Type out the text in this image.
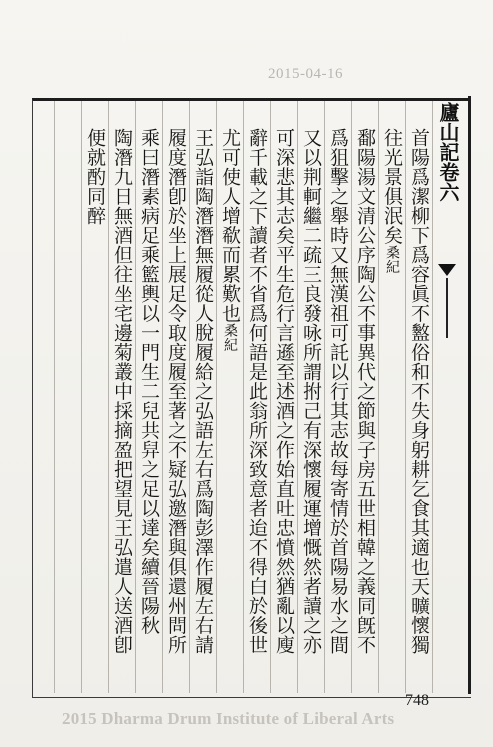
2015-04-16
廬山記卷六
首陽爲潔柳下爲容眞不盭俗和不失身躬耕乞食其適也天曠懷獨
往光景俱泯矣桑紀
鄱陽湯文清公序陶公不事異代之節與子房五世相韓之義同旣不
爲狙擊之舉時又無漢祖可託以行其志故每寄情於首陽易水之間
又以荆軻繼二疏三良發咏所謂拊己有深懷履運增慨然者讀之亦
可深悲其志矣平生危行言遜至述酒之作始直吐忠憤然猶亂以廋
辭千載之下讀者不省爲何語是此翁所深致意者迨不得白於後世
尤可使人增欷而累歎也桑紀
王弘詣陶潛潛無履從人脫履給之弘語左右爲陶彭澤作履左右請
履度潛卽於坐上展足令取度履至著之不疑弘邀潛與俱還州問所
乘曰潛素病足乘籃輿以一門生二兒共舁之足以達矣續晉陽秋
陶潛九日無酒但往坐宅邊菊叢中採摘盈把望見王弘遣人送酒卽
便就酌同醉
748
2015 Dharma Drum Institute of Liberal Arts
